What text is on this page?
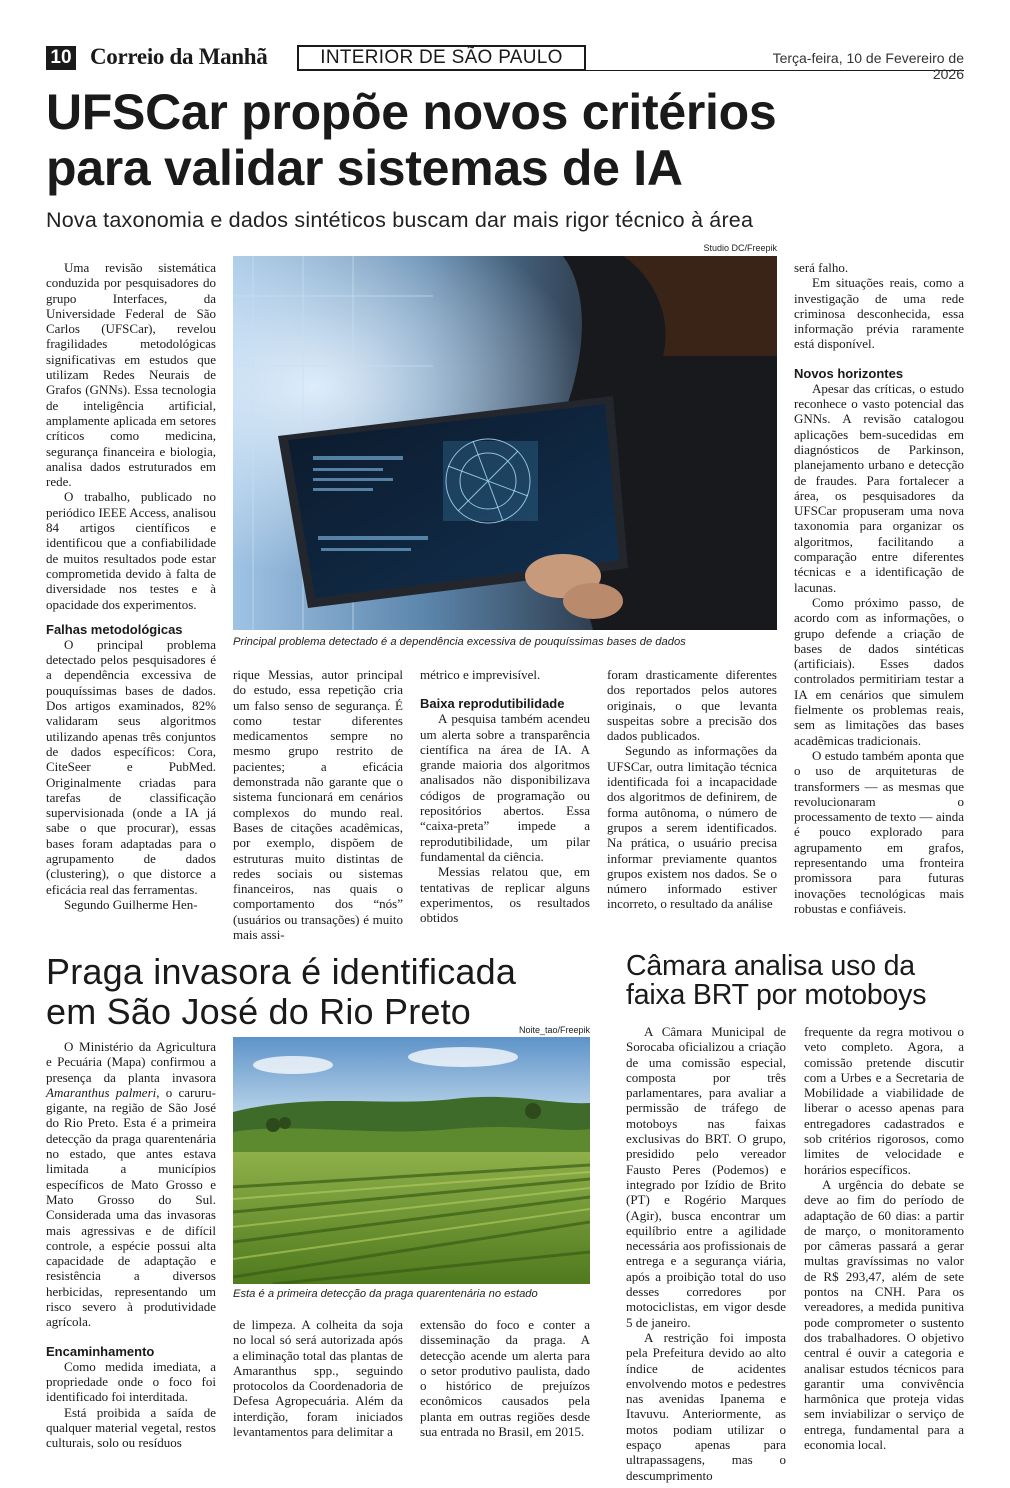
10 Correio da Manhã	INTERIOR DE SÃO PAULO	Terça-feira, 10 de Fevereiro de 2026
UFSCar propõe novos critérios
para validar sistemas de IA
Nova taxonomia e dados sintéticos buscam dar mais rigor técnico à área
Studio DC/Freepik
Principal problema detectado é a dependência excessiva de pouquíssimas bases de dados

Uma revisão sistemática conduzida por pesquisadores do grupo Interfaces, da Universidade Federal de São Carlos (UFSCar), revelou fragilidades metodológicas significativas em estudos que utilizam Redes Neurais de Grafos (GNNs). Essa tecnologia de inteligência artificial, amplamente aplicada em setores críticos como medicina, segurança financeira e biologia, analisa dados estruturados em rede.

O trabalho, publicado no periódico IEEE Access, analisou 84 artigos científicos e identificou que a confiabilidade de muitos resultados pode estar comprometida devido à falta de diversidade nos testes e à opacidade dos experimentos.

Falhas metodológicas

O principal problema detectado pelos pesquisadores é a dependência excessiva de pouquíssimas bases de dados. Dos artigos examinados, 82% validaram seus algoritmos utilizando apenas três conjuntos de dados específicos: Cora, CiteSeer e PubMed. Originalmente criadas para tarefas de classificação supervisionada (onde a IA já sabe o que procurar), essas bases foram adaptadas para o agrupamento de dados (clustering), o que distorce a eficácia real das ferramentas.

Segundo Guilherme Hen-

rique Messias, autor principal do estudo, essa repetição cria um falso senso de segurança. É como testar diferentes medicamentos sempre no mesmo grupo restrito de pacientes; a eficácia demonstrada não garante que o sistema funcionará em cenários complexos do mundo real. Bases de citações acadêmicas, por exemplo, dispõem de estruturas muito distintas de redes sociais ou sistemas financeiros, nas quais o comportamento dos “nós” (usuários ou transações) é muito mais assi-

métrico e imprevisível.

Baixa reprodutibilidade

A pesquisa também acendeu um alerta sobre a transparência científica na área de IA. A grande maioria dos algoritmos analisados não disponibilizava códigos de programação ou repositórios abertos. Essa “caixa-preta” impede a reprodutibilidade, um pilar fundamental da ciência.

Messias relatou que, em tentativas de replicar alguns experimentos, os resultados obtidos

foram drasticamente diferentes dos reportados pelos autores originais, o que levanta suspeitas sobre a precisão dos dados publicados.

Segundo as informações da UFSCar, outra limitação técnica identificada foi a incapacidade dos algoritmos de definirem, de forma autônoma, o número de grupos a serem identificados. Na prática, o usuário precisa informar previamente quantos grupos existem nos dados. Se o número informado estiver incorreto, o resultado da análise

será falho.

Em situações reais, como a investigação de uma rede criminosa desconhecida, essa informação prévia raramente está disponível.

Novos horizontes

Apesar das críticas, o estudo reconhece o vasto potencial das GNNs. A revisão catalogou aplicações bem-sucedidas em diagnósticos de Parkinson, planejamento urbano e detecção de fraudes. Para fortalecer a área, os pesquisadores da UFSCar propuseram uma nova taxonomia para organizar os algoritmos, facilitando a comparação entre diferentes técnicas e a identificação de lacunas.

Como próximo passo, de acordo com as informações, o grupo defende a criação de bases de dados sintéticas (artificiais). Esses dados controlados permitiriam testar a IA em cenários que simulem fielmente os problemas reais, sem as limitações das bases acadêmicas tradicionais.

O estudo também aponta que o uso de arquiteturas de transformers — as mesmas que revolucionaram o processamento de texto — ainda é pouco explorado para agrupamento em grafos, representando uma fronteira promissora para futuras inovações tecnológicas mais robustas e confiáveis.

Praga invasora é identificada
em São José do Rio Preto	Noite_tao/Freepik
Esta é a primeira detecção da praga quarentenária no estado

O Ministério da Agricultura e Pecuária (Mapa) confirmou a presença da planta invasora Amaranthus palmeri, o caruru-gigante, na região de São José do Rio Preto. Esta é a primeira detecção da praga quarentenária no estado, que antes estava limitada a municípios específicos de Mato Grosso e Mato Grosso do Sul. Considerada uma das invasoras mais agressivas e de difícil controle, a espécie possui alta capacidade de adaptação e resistência a diversos herbicidas, representando um risco severo à produtividade agrícola.

Encaminhamento

Como medida imediata, a propriedade onde o foco foi identificado foi interditada.

Está proibida a saída de qualquer material vegetal, restos culturais, solo ou resíduos

de limpeza. A colheita da soja no local só será autorizada após a eliminação total das plantas de Amaranthus spp., seguindo protocolos da Coordenadoria de Defesa Agropecuária. Além da interdição, foram iniciados levantamentos para delimitar a

extensão do foco e conter a disseminação da praga. A detecção acende um alerta para o setor produtivo paulista, dado o histórico de prejuízos econômicos causados pela planta em outras regiões desde sua entrada no Brasil, em 2015.

Câmara analisa uso da
faixa BRT por motoboys

A Câmara Municipal de Sorocaba oficializou a criação de uma comissão especial, composta por três parlamentares, para avaliar a permissão de tráfego de motoboys nas faixas exclusivas do BRT. O grupo, presidido pelo vereador Fausto Peres (Podemos) e integrado por Izídio de Brito (PT) e Rogério Marques (Agir), busca encontrar um equilíbrio entre a agilidade necessária aos profissionais de entrega e a segurança viária, após a proibição total do uso desses corredores por motociclistas, em vigor desde 5 de janeiro.

A restrição foi imposta pela Prefeitura devido ao alto índice de acidentes envolvendo motos e pedestres nas avenidas Ipanema e Itavuvu. Anteriormente, as motos podiam utilizar o espaço apenas para ultrapassagens, mas o descumprimento

frequente da regra motivou o veto completo. Agora, a comissão pretende discutir com a Urbes e a Secretaria de Mobilidade a viabilidade de liberar o acesso apenas para entregadores cadastrados e sob critérios rigorosos, como limites de velocidade e horários específicos.

A urgência do debate se deve ao fim do período de adaptação de 60 dias: a partir de março, o monitoramento por câmeras passará a gerar multas gravíssimas no valor de R$ 293,47, além de sete pontos na CNH. Para os vereadores, a medida punitiva pode comprometer o sustento dos trabalhadores. O objetivo central é ouvir a categoria e analisar estudos técnicos para garantir uma convivência harmônica que proteja vidas sem inviabilizar o serviço de entrega, fundamental para a economia local.
